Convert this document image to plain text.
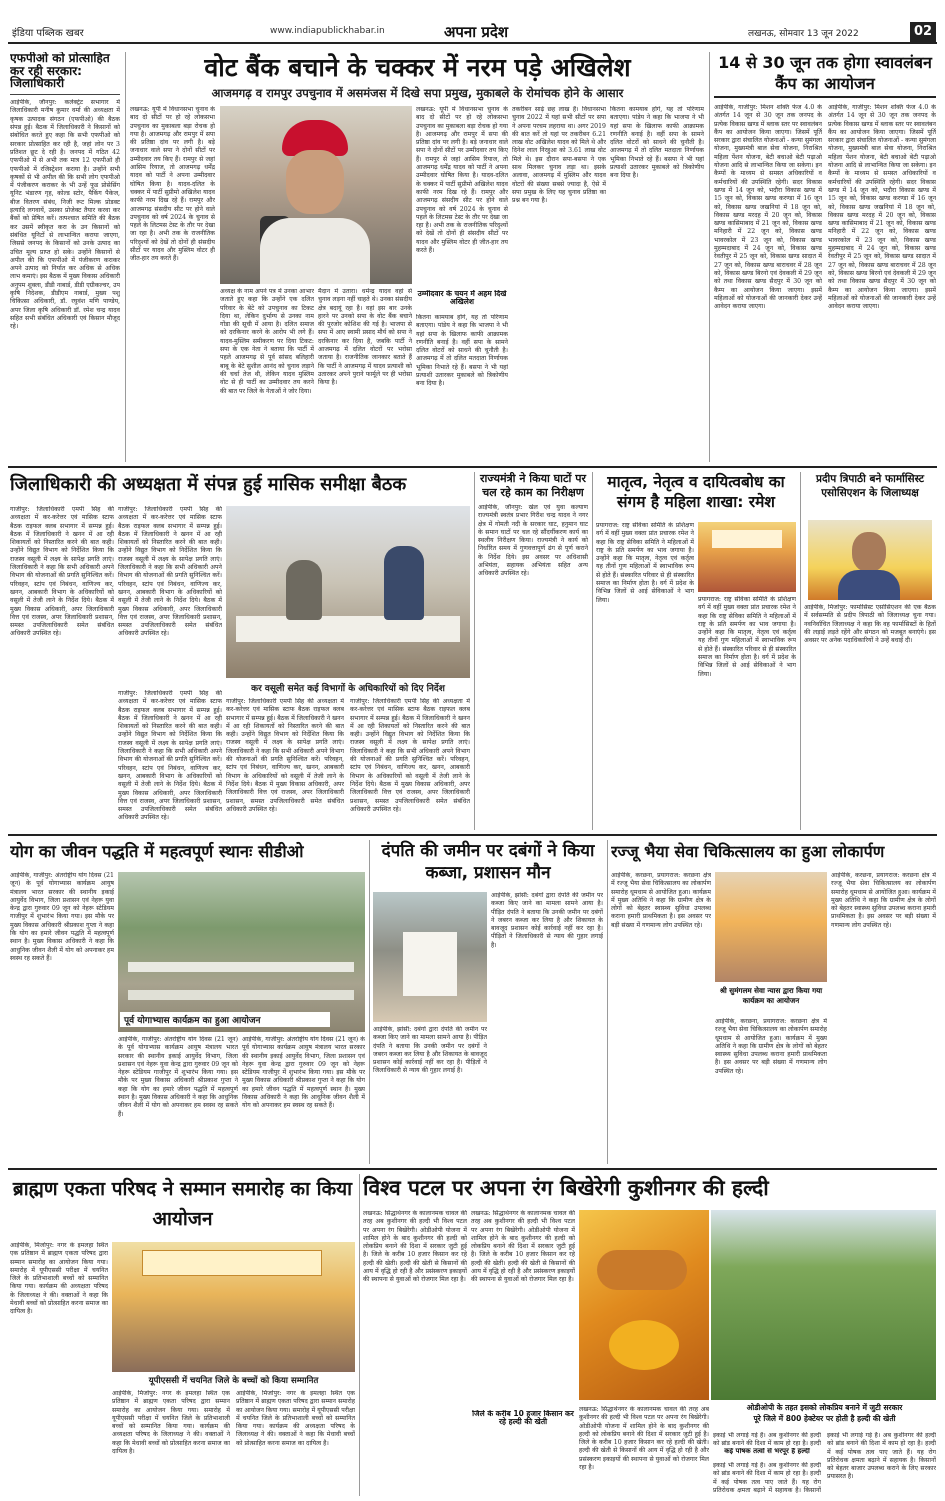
इंडिया पब्लिक खबर	www.indiapublickhabar.in	अपना प्रदेश	लखनऊ, सोमवार 13 जून 2022	02
एफपीओ को प्रोत्साहित कर रही सरकार: जिलाधिकारी
आईपीके, जौनपुर: कलेक्ट्रेट सभागार में जिलाधिकारी मनीष कुमार वर्मा की अध्यक्षता में कृषक उत्पादक संगठन (एफपीओ) की बैठक संपन्न हुई। बैठक में जिलाधिकारी ने किसानों को संबोधित करते हुए कहा कि सभी एफपीओ को सरकार प्रोत्साहित कर रही है, जहां लोन पर 3 प्रतिशत छूट दे रही है। जनपद में गठित 42 एफपीओ में से अभी तक मात्र 12 एफपीओ ही एफपीओ में रजिस्ट्रेशन कराया है। उन्होंने सभी कृषकों से भी अपील की कि सभी लोग एफपीओ में पंजीकरण कराकर के भी उन्हें फूड प्रोसेसिंग यूनिट भंडारण गृह, कोल्ड स्टोर, पैकिंग पैकेज, बीज वितरण संबंध, निजी रूट मिल्क प्रोडक्ट इत्यादि लगवायें, उसका प्रोजेक्ट तैयार करवा कर बैंकों को प्रेषित करें। तत्पश्चात समिति की बैठक कर उसमें स्वीकृत करा के उन किसानों को संबंधित यूनिटों से लाभान्वित कराया जाएगा, जिससे जनपद के किसानों को उनके उत्पाद का उचित मूल्य प्राप्त हो सके। उन्होंने किसानों से अपील की कि एफपीओ में पंजीकरण कराकर अपने उत्पाद को निर्यात कर अधिक से अधिक लाभ कमाएं। इस बैठक में मुख्य विकास अधिकारी अनुपम शुक्ला, डीडी नाबार्ड, डीडी एग्रीकल्चर, उप कृषि निदेशक, डीडीएम नाबार्ड, मुख्य पशु चिकित्सा अधिकारी, डॉ. रघुवंश मणि पाण्डेय, अपर जिला कृषि अधिकारी डॉ. रमेश चन्द्र यादव सहित सभी संबंधित अधिकारी एवं किसान मौजूद रहे।
वोट बैंक बचाने के चक्कर में नरम पड़े अखिलेश
आजमगढ़ व रामपुर उपचुनाव में असमंजस में दिखे सपा प्रमुख, मुकाबले के रोमांचक होने के आसार
लखनऊ: यूपी में विधानसभा चुनाव के बाद दो सीटों पर हो रहे लोकसभा उपचुनाव का मुकाबला बड़ा रोचक हो गया है। आजमगढ़ और रामपुर में सपा की प्रतिष्ठा दांव पर लगी है। बड़े जनाधार वाले सपा ने दोनों सीटों पर उम्मीदवार तय किए हैं। रामपुर से जहां आसिम रियाज, तो आजमगढ़ धर्मेंद्र यादव को पार्टी ने अपना उम्मीदवार घोषित किया है। यादव-दलित के चक्कर में पार्टी सुप्रीमो अखिलेश यादव काफी नरम दिख रहे हैं। रामपुर और आजमगढ़ संसदीय सीट पर होने वाले उपचुनाव को वर्ष 2024 के चुनाव से पहले के लिटमस टेस्ट के तौर पर देखा जा रहा है। अभी तक के राजनीतिक परिदृश्यों को देखें तो दोनों ही संसदीय सीटों पर यादव और मुस्लिम वोटर ही जीत-हार तय करते हैं।
अध्यक्ष के नाम अपने पत्र में उनका आभार जताते हुए कहा कि उन्होंने एक दलित परिवार के बेटे को उपचुनाव का टिकट दिया था, लेकिन दुर्भाग्य से उनका नाम गोंडा की सूची में आया है। दलित समाज को दरकिनार करने के आरोप भी लगे हैं। यादव-मुस्लिम समीकरण पर दिया टिकट: सपा के एक नेता ने बताया कि पार्टी में पहले आजमगढ़ से पूर्व सांसद बलिहारी बाबू के बेटे सुशील आनंद को चुनाव लड़ाने की चर्चा तेज थी, लेकिन यादव मुस्लिम वोट से ही पार्टी का उम्मीदवार तय करने की बात पर जिले के नेताओं ने जोर दिया।
मैदान में उतारा। धर्मेन्द्र यादव वहां से चुनाव लड़ना नहीं चाहते थे। उनका संसदीय क्षेत्र बदायूं रहा है। वहां इस बार उनके हारने पर उनको सपा के वोट बैंक बचाने की पुरजोर कोशिश की गई है। भाजपा से सपा में आए स्वामी प्रसाद मौर्य को सपा ने दरकिनार कर दिया है, जबकि पार्टी ने आजमगढ़ में दलित वोटरों पर भरोसा जताया है। राजनीतिक जानकार बताते हैं कि पार्टी ने आजमगढ़ में यादव प्रत्याशी को उतारकर अपने पुराने फार्मूले पर ही भरोसा किया है।
उम्मीदवार के चयन में अहम दिखे अखिलेश
कितना कामयाब होंगे, यह तो परिणाम बताएगा। पांडेय ने कहा कि भाजपा ने भी यहां सपा के खिलाफ काफी आक्रामक रणनीति बनाई है। वहीं सपा के सामने दलित वोटरों को साधने की चुनौती है। आजमगढ़ में तो दलित मतदाता निर्णायक भूमिका निभाते रहे हैं। बसपा ने भी यहां प्रत्याशी उतारकर मुकाबले को त्रिकोणीय बना दिया है।
लखनऊ: यूपी में विधानसभा चुनाव के बाद दो सीटों पर हो रहे लोकसभा उपचुनाव का मुकाबला बड़ा रोचक हो गया है। आजमगढ़ और रामपुर में सपा की प्रतिष्ठा दांव पर लगी है। बड़े जनाधार वाले सपा ने दोनों सीटों पर उम्मीदवार तय किए हैं। रामपुर से जहां आसिम रियाज, तो आजमगढ़ धर्मेंद्र यादव को पार्टी ने अपना उम्मीदवार घोषित किया है। यादव-दलित के चक्कर में पार्टी सुप्रीमो अखिलेश यादव काफी नरम दिख रहे हैं। रामपुर और आजमगढ़ संसदीय सीट पर होने वाले उपचुनाव को वर्ष 2024 के चुनाव से पहले के लिटमस टेस्ट के तौर पर देखा जा रहा है। अभी तक के राजनीतिक परिदृश्यों को देखें तो दोनों ही संसदीय सीटों पर यादव और मुस्लिम वोटर ही जीत-हार तय करते हैं।
तकरीबन साढ़े छह लाख है। विधानसभा चुनाव 2022 में यहां सभी सीटों पर सपा ने अपना परचम लहराया था। अगर 2019 की बात करें तो यहां पर तकरीबन 6.21 लाख वोट अखिलेश यादव को मिले थे और दिनेश लाल निरहुआ को 3.61 लाख वोट मिले थे। इस दौरान सपा-बसपा ने एक साथ मिलकर चुनाव लड़ा था। इसके अलावा, आजमगढ़ में मुस्लिम और यादव वोटरों की संख्या सबसे ज्यादा है, ऐसे में सपा प्रमुख के लिए यह चुनाव प्रतिष्ठा का प्रश्न बन गया है।
कितना कामयाब होंगे, यह तो परिणाम बताएगा। पांडेय ने कहा कि भाजपा ने भी यहां सपा के खिलाफ काफी आक्रामक रणनीति बनाई है। वहीं सपा के सामने दलित वोटरों को साधने की चुनौती है। आजमगढ़ में तो दलित मतदाता निर्णायक भूमिका निभाते रहे हैं। बसपा ने भी यहां प्रत्याशी उतारकर मुकाबले को त्रिकोणीय बना दिया है।
14 से 30 जून तक होगा स्वावलंबन कैंप का आयोजन
आईपीके, गाजीपुर: मिशन शक्ति फेज 4.0 के अंतर्गत 14 जून से 30 जून तक जनपद के प्रत्येक विकास खण्ड में ब्लाक स्तर पर स्वावलंबन कैंप का आयोजन किया जाएगा। जिसमें पूर्ति सरकार द्वारा संचालित योजनाओं - कन्या सुमंगला योजना, मुख्यमंत्री बाल सेवा योजना, निराश्रित महिला पेंशन योजना, बेटी बचाओ बेटी पढ़ाओ योजना आदि से लाभान्वित किया जा सकेगा। इन कैम्पों के माध्यम से समस्त अधिकारियों व कर्मचारियों की उपस्थिति रहेगी। सदर विकास खण्ड में 14 जून को, भदौरा विकास खण्ड में 15 जून को, विकास खण्ड करण्डा में 16 जून को, विकास खण्ड जखनियां में 18 जून को, विकास खण्ड मरदह में 20 जून को, विकास खण्ड कासिमाबाद में 21 जून को, विकास खण्ड मनिहारी में 22 जून को, विकास खण्ड भावरकोल में 23 जून को, विकास खण्ड मुहम्मदाबाद में 24 जून को, विकास खण्ड रेवतीपुर में 25 जून को, विकास खण्ड सादात में 27 जून को, विकास खण्ड बाराचवर में 28 जून को, विकास खण्ड बिरनो एवं देवकली में 29 जून को तथा विकास खण्ड सैदपुर में 30 जून को कैम्प का आयोजन किया जाएगा। इसमें महिलाओं को योजनाओं की जानकारी देकर उन्हें आवेदन कराया जाएगा।
आईपीके, गाजीपुर: मिशन शक्ति फेज 4.0 के अंतर्गत 14 जून से 30 जून तक जनपद के प्रत्येक विकास खण्ड में ब्लाक स्तर पर स्वावलंबन कैंप का आयोजन किया जाएगा। जिसमें पूर्ति सरकार द्वारा संचालित योजनाओं - कन्या सुमंगला योजना, मुख्यमंत्री बाल सेवा योजना, निराश्रित महिला पेंशन योजना, बेटी बचाओ बेटी पढ़ाओ योजना आदि से लाभान्वित किया जा सकेगा। इन कैम्पों के माध्यम से समस्त अधिकारियों व कर्मचारियों की उपस्थिति रहेगी। सदर विकास खण्ड में 14 जून को, भदौरा विकास खण्ड में 15 जून को, विकास खण्ड करण्डा में 16 जून को, विकास खण्ड जखनियां में 18 जून को, विकास खण्ड मरदह में 20 जून को, विकास खण्ड कासिमाबाद में 21 जून को, विकास खण्ड मनिहारी में 22 जून को, विकास खण्ड भावरकोल में 23 जून को, विकास खण्ड मुहम्मदाबाद में 24 जून को, विकास खण्ड रेवतीपुर में 25 जून को, विकास खण्ड सादात में 27 जून को, विकास खण्ड बाराचवर में 28 जून को, विकास खण्ड बिरनो एवं देवकली में 29 जून को तथा विकास खण्ड सैदपुर में 30 जून को कैम्प का आयोजन किया जाएगा। इसमें महिलाओं को योजनाओं की जानकारी देकर उन्हें आवेदन कराया जाएगा।
जिलाधिकारी की अध्यक्षता में संपन्न हुई मासिक समीक्षा बैठक
गाजीपुर: जिलाधिकारी एमपी सिंह की अध्यक्षता में कर-करेत्तर एवं मासिक स्टाफ बैठक राइफल क्लब सभागार में सम्पन्न हुई। बैठक में जिलाधिकारी ने खनन में आ रही शिकायतों को निस्तारित करने की बात कही। उन्होंने विद्युत विभाग को निर्देशित किया कि राजस्व वसूली में लक्ष्य के सापेक्ष प्रगति लाएं। जिलाधिकारी ने कहा कि सभी अधिकारी अपने विभाग की योजनाओं की प्रगति सुनिश्चित करें। परिवहन, स्टांप एवं निबंधन, वाणिज्य कर, खनन, आबकारी विभाग के अधिकारियों को वसूली में तेजी लाने के निर्देश दिये। बैठक में मुख्य विकास अधिकारी, अपर जिलाधिकारी वित्त एवं राजस्व, अपर जिलाधिकारी प्रशासन, समस्त उपजिलाधिकारी समेत संबंधित अधिकारी उपस्थित रहे।
गाजीपुर: जिलाधिकारी एमपी सिंह की अध्यक्षता में कर-करेत्तर एवं मासिक स्टाफ बैठक राइफल क्लब सभागार में सम्पन्न हुई। बैठक में जिलाधिकारी ने खनन में आ रही शिकायतों को निस्तारित करने की बात कही। उन्होंने विद्युत विभाग को निर्देशित किया कि राजस्व वसूली में लक्ष्य के सापेक्ष प्रगति लाएं। जिलाधिकारी ने कहा कि सभी अधिकारी अपने विभाग की योजनाओं की प्रगति सुनिश्चित करें। परिवहन, स्टांप एवं निबंधन, वाणिज्य कर, खनन, आबकारी विभाग के अधिकारियों को वसूली में तेजी लाने के निर्देश दिये। बैठक में मुख्य विकास अधिकारी, अपर जिलाधिकारी वित्त एवं राजस्व, अपर जिलाधिकारी प्रशासन, समस्त उपजिलाधिकारी समेत संबंधित अधिकारी उपस्थित रहे।
कर वसूली समेत कई विभागों के अधिकारियों को दिए निर्देश
गाजीपुर: जिलाधिकारी एमपी सिंह की अध्यक्षता में कर-करेत्तर एवं मासिक स्टाफ बैठक राइफल क्लब सभागार में सम्पन्न हुई। बैठक में जिलाधिकारी ने खनन में आ रही शिकायतों को निस्तारित करने की बात कही। उन्होंने विद्युत विभाग को निर्देशित किया कि राजस्व वसूली में लक्ष्य के सापेक्ष प्रगति लाएं। जिलाधिकारी ने कहा कि सभी अधिकारी अपने विभाग की योजनाओं की प्रगति सुनिश्चित करें। परिवहन, स्टांप एवं निबंधन, वाणिज्य कर, खनन, आबकारी विभाग के अधिकारियों को वसूली में तेजी लाने के निर्देश दिये। बैठक में मुख्य विकास अधिकारी, अपर जिलाधिकारी वित्त एवं राजस्व, अपर जिलाधिकारी प्रशासन, समस्त उपजिलाधिकारी समेत संबंधित अधिकारी उपस्थित रहे।
गाजीपुर: जिलाधिकारी एमपी सिंह की अध्यक्षता में कर-करेत्तर एवं मासिक स्टाफ बैठक राइफल क्लब सभागार में सम्पन्न हुई। बैठक में जिलाधिकारी ने खनन में आ रही शिकायतों को निस्तारित करने की बात कही। उन्होंने विद्युत विभाग को निर्देशित किया कि राजस्व वसूली में लक्ष्य के सापेक्ष प्रगति लाएं। जिलाधिकारी ने कहा कि सभी अधिकारी अपने विभाग की योजनाओं की प्रगति सुनिश्चित करें। परिवहन, स्टांप एवं निबंधन, वाणिज्य कर, खनन, आबकारी विभाग के अधिकारियों को वसूली में तेजी लाने के निर्देश दिये। बैठक में मुख्य विकास अधिकारी, अपर जिलाधिकारी वित्त एवं राजस्व, अपर जिलाधिकारी प्रशासन, समस्त उपजिलाधिकारी समेत संबंधित अधिकारी उपस्थित रहे।
गाजीपुर: जिलाधिकारी एमपी सिंह की अध्यक्षता में कर-करेत्तर एवं मासिक स्टाफ बैठक राइफल क्लब सभागार में सम्पन्न हुई। बैठक में जिलाधिकारी ने खनन में आ रही शिकायतों को निस्तारित करने की बात कही। उन्होंने विद्युत विभाग को निर्देशित किया कि राजस्व वसूली में लक्ष्य के सापेक्ष प्रगति लाएं। जिलाधिकारी ने कहा कि सभी अधिकारी अपने विभाग की योजनाओं की प्रगति सुनिश्चित करें। परिवहन, स्टांप एवं निबंधन, वाणिज्य कर, खनन, आबकारी विभाग के अधिकारियों को वसूली में तेजी लाने के निर्देश दिये। बैठक में मुख्य विकास अधिकारी, अपर जिलाधिकारी वित्त एवं राजस्व, अपर जिलाधिकारी प्रशासन, समस्त उपजिलाधिकारी समेत संबंधित अधिकारी उपस्थित रहे।
राज्यमंत्री ने किया घाटों पर चल रहे काम का निरीक्षण
आईपीके, जौनपुर: खेल एवं युवा कल्याण राज्यमंत्री स्वतंत्र प्रभार गिरीश चन्द्र यादव ने नगर क्षेत्र में गोमती नदी के सरकार घाट, हनुमान घाट के समान घाटों पर चल रहे सौंदर्यीकरण कार्य का स्थलीय निरीक्षण किया। राज्यमंत्री ने कार्य को निर्धारित समय में गुणवत्तापूर्ण ढंग से पूर्ण कराने के निर्देश दिये। इस अवसर पर अधिशासी अभियंता, सहायक अभियंता सहित अन्य अधिकारी उपस्थित रहे।
मातृत्व, नेतृत्व व दायित्वबोध का संगम है महिला शाखा: रमेश
प्रयागराज: राष्ट्र सेविका समिति के प्रशिक्षण वर्ग में वहीं मुख्य वक्ता प्रांत प्रचारक रमेश ने कहा कि राष्ट्र सेविका समिति ने महिलाओं में राष्ट्र के प्रति समर्पण का भाव जगाया है। उन्होंने कहा कि मातृत्व, नेतृत्व एवं कर्तृत्व यह तीनों गुण महिलाओं में स्वाभाविक रूप से होते हैं। संस्कारित परिवार से ही संस्कारित समाज का निर्माण होता है। वर्ग में प्रदेश के विभिन्न जिलों से आई सेविकाओं ने भाग लिया।	प्रयागराज: राष्ट्र सेविका समिति के प्रशिक्षण वर्ग में वहीं मुख्य वक्ता प्रांत प्रचारक रमेश ने कहा कि राष्ट्र सेविका समिति ने महिलाओं में राष्ट्र के प्रति समर्पण का भाव जगाया है। उन्होंने कहा कि मातृत्व, नेतृत्व एवं कर्तृत्व यह तीनों गुण महिलाओं में स्वाभाविक रूप से होते हैं। संस्कारित परिवार से ही संस्कारित समाज का निर्माण होता है। वर्ग में प्रदेश के विभिन्न जिलों से आई सेविकाओं ने भाग लिया।
प्रदीप त्रिपाठी बने फार्मासिस्ट एसोसिएशन के जिलाध्यक्ष
आईपीके, मिर्जापुर: फार्मासिस्ट एसोसिएशन की एक बैठक में सर्वसम्मति से प्रदीप त्रिपाठी को जिलाध्यक्ष चुना गया। नवनिर्वाचित जिलाध्यक्ष ने कहा कि वह फार्मासिस्टों के हितों की लड़ाई लड़ते रहेंगे और संगठन को मजबूत बनाएंगे। इस अवसर पर अनेक पदाधिकारियों ने उन्हें बधाई दी।
योग का जीवन पद्धति में महत्वपूर्ण स्थानः सीडीओ
आईपीके, गाजीपुर: अंतर्राष्ट्रीय योग दिवस (21 जून) के पूर्व योगाभ्यास कार्यक्रम आयुष मंत्रालय भारत सरकार की स्थानीय इकाई आयुर्वेद विभाग, जिला प्रशासन एवं नेहरू युवा केन्द्र द्वारा गुरुवार 09 जून को नेहरू स्टेडियम गाजीपुर में शुभारंभ किया गया। इस मौके पर मुख्य विकास अधिकारी श्रीप्रकाश गुप्ता ने कहा कि योग का हमारे जीवन पद्धति में महत्वपूर्ण स्थान है। मुख्य विकास अधिकारी ने कहा कि आधुनिक जीवन शैली में योग को अपनाकर हम स्वस्थ रह सकते हैं।
पूर्व योगाभ्यास कार्यक्रम का हुआ आयोजन
आईपीके, गाजीपुर: अंतर्राष्ट्रीय योग दिवस (21 जून) के पूर्व योगाभ्यास कार्यक्रम आयुष मंत्रालय भारत सरकार की स्थानीय इकाई आयुर्वेद विभाग, जिला प्रशासन एवं नेहरू युवा केन्द्र द्वारा गुरुवार 09 जून को नेहरू स्टेडियम गाजीपुर में शुभारंभ किया गया। इस मौके पर मुख्य विकास अधिकारी श्रीप्रकाश गुप्ता ने कहा कि योग का हमारे जीवन पद्धति में महत्वपूर्ण स्थान है। मुख्य विकास अधिकारी ने कहा कि आधुनिक जीवन शैली में योग को अपनाकर हम स्वस्थ रह सकते हैं।
आईपीके, गाजीपुर: अंतर्राष्ट्रीय योग दिवस (21 जून) के पूर्व योगाभ्यास कार्यक्रम आयुष मंत्रालय भारत सरकार की स्थानीय इकाई आयुर्वेद विभाग, जिला प्रशासन एवं नेहरू युवा केन्द्र द्वारा गुरुवार 09 जून को नेहरू स्टेडियम गाजीपुर में शुभारंभ किया गया। इस मौके पर मुख्य विकास अधिकारी श्रीप्रकाश गुप्ता ने कहा कि योग का हमारे जीवन पद्धति में महत्वपूर्ण स्थान है। मुख्य विकास अधिकारी ने कहा कि आधुनिक जीवन शैली में योग को अपनाकर हम स्वस्थ रह सकते हैं।
दंपति की जमीन पर दबंगों ने किया कब्जा, प्रशासन मौन
आईपीके, झांसी: दबंगों द्वारा दंपति की जमीन पर कब्जा किए जाने का मामला सामने आया है। पीड़ित दंपति ने बताया कि उनकी जमीन पर दबंगों ने जबरन कब्जा कर लिया है और शिकायत के बावजूद प्रशासन कोई कार्रवाई नहीं कर रहा है। पीड़ितों ने जिलाधिकारी से न्याय की गुहार लगाई है।
आईपीके, झांसी: दबंगों द्वारा दंपति की जमीन पर कब्जा किए जाने का मामला सामने आया है। पीड़ित दंपति ने बताया कि उनकी जमीन पर दबंगों ने जबरन कब्जा कर लिया है और शिकायत के बावजूद प्रशासन कोई कार्रवाई नहीं कर रहा है। पीड़ितों ने जिलाधिकारी से न्याय की गुहार लगाई है।
रज्जू भैया सेवा चिकित्सालय का हुआ लोकार्पण
आईपीके, करछना, प्रयागराज: करछना क्षेत्र में रज्जू भैया सेवा चिकित्सालय का लोकार्पण समारोह धूमधाम से आयोजित हुआ। कार्यक्रम में मुख्य अतिथि ने कहा कि ग्रामीण क्षेत्र के लोगों को बेहतर स्वास्थ्य सुविधा उपलब्ध कराना हमारी प्राथमिकता है। इस अवसर पर बड़ी संख्या में गणमान्य लोग उपस्थित रहे।
श्री सुमंगलम सेवा न्यास द्वारा किया गया कार्यक्रम का आयोजन
आईपीके, करछना, प्रयागराज: करछना क्षेत्र में रज्जू भैया सेवा चिकित्सालय का लोकार्पण समारोह धूमधाम से आयोजित हुआ। कार्यक्रम में मुख्य अतिथि ने कहा कि ग्रामीण क्षेत्र के लोगों को बेहतर स्वास्थ्य सुविधा उपलब्ध कराना हमारी प्राथमिकता है। इस अवसर पर बड़ी संख्या में गणमान्य लोग उपस्थित रहे।
आईपीके, करछना, प्रयागराज: करछना क्षेत्र में रज्जू भैया सेवा चिकित्सालय का लोकार्पण समारोह धूमधाम से आयोजित हुआ। कार्यक्रम में मुख्य अतिथि ने कहा कि ग्रामीण क्षेत्र के लोगों को बेहतर स्वास्थ्य सुविधा उपलब्ध कराना हमारी प्राथमिकता है। इस अवसर पर बड़ी संख्या में गणमान्य लोग उपस्थित रहे।
ब्राह्मण एकता परिषद ने सम्मान समारोह का किया आयोजन
आईपीके, मिर्जापुर: नगर के इमलहा स्थित एक प्रतिष्ठान में ब्राह्मण एकता परिषद द्वारा सम्मान समारोह का आयोजन किया गया। समारोह में यूपीएससी परीक्षा में चयनित जिले के प्रतिभाशाली बच्चों को सम्मानित किया गया। कार्यक्रम की अध्यक्षता परिषद के जिलाध्यक्ष ने की। वक्ताओं ने कहा कि मेधावी बच्चों को प्रोत्साहित करना समाज का दायित्व है।
यूपीएससी में चयनित जिले के बच्चों को किया सम्मानित
आईपीके, मिर्जापुर: नगर के इमलहा स्थित एक प्रतिष्ठान में ब्राह्मण एकता परिषद द्वारा सम्मान समारोह का आयोजन किया गया। समारोह में यूपीएससी परीक्षा में चयनित जिले के प्रतिभाशाली बच्चों को सम्मानित किया गया। कार्यक्रम की अध्यक्षता परिषद के जिलाध्यक्ष ने की। वक्ताओं ने कहा कि मेधावी बच्चों को प्रोत्साहित करना समाज का दायित्व है।
आईपीके, मिर्जापुर: नगर के इमलहा स्थित एक प्रतिष्ठान में ब्राह्मण एकता परिषद द्वारा सम्मान समारोह का आयोजन किया गया। समारोह में यूपीएससी परीक्षा में चयनित जिले के प्रतिभाशाली बच्चों को सम्मानित किया गया। कार्यक्रम की अध्यक्षता परिषद के जिलाध्यक्ष ने की। वक्ताओं ने कहा कि मेधावी बच्चों को प्रोत्साहित करना समाज का दायित्व है।
विश्व पटल पर अपना रंग बिखेरेगी कुशीनगर की हल्दी
लखनऊ: सिद्धार्थनगर के कालानमक चावल की तरह अब कुशीनगर की हल्दी भी विश्व पटल पर अपना रंग बिखेरेगी। ओडीओपी योजना में शामिल होने के बाद कुशीनगर की हल्दी को लोकप्रिय बनाने की दिशा में सरकार जुटी हुई है। जिले के करीब 10 हजार किसान कर रहे हल्दी की खेती। हल्दी की खेती से किसानों की आय में वृद्धि हो रही है और प्रसंस्करण इकाइयों की स्थापना से युवाओं को रोजगार मिल रहा है।
जिले के करीब 10 हजार किसान कर रहे हल्दी की खेती
लखनऊ: सिद्धार्थनगर के कालानमक चावल की तरह अब कुशीनगर की हल्दी भी विश्व पटल पर अपना रंग बिखेरेगी। ओडीओपी योजना में शामिल होने के बाद कुशीनगर की हल्दी को लोकप्रिय बनाने की दिशा में सरकार जुटी हुई है। जिले के करीब 10 हजार किसान कर रहे हल्दी की खेती। हल्दी की खेती से किसानों की आय में वृद्धि हो रही है और प्रसंस्करण इकाइयों की स्थापना से युवाओं को रोजगार मिल रहा है।
ओडीओपी के तहत इसको लोकप्रिय बनाने में जुटी सरकार
पूरे जिले में 800 हेक्टेयर पर होती है हल्दी की खेती
लखनऊ: सिद्धार्थनगर के कालानमक चावल की तरह अब कुशीनगर की हल्दी भी विश्व पटल पर अपना रंग बिखेरेगी। ओडीओपी योजना में शामिल होने के बाद कुशीनगर की हल्दी को लोकप्रिय बनाने की दिशा में सरकार जुटी हुई है। जिले के करीब 10 हजार किसान कर रहे हल्दी की खेती। हल्दी की खेती से किसानों की आय में वृद्धि हो रही है और प्रसंस्करण इकाइयों की स्थापना से युवाओं को रोजगार मिल रहा है।
इकाई भी लगाई गई है। अब कुशीनगर की हल्दी को ब्रांड बनाने की दिशा में काम हो रहा है। हल्दी
कई पोषक तत्वों से भरपूर है हल्दी
इकाई भी लगाई गई है। अब कुशीनगर की हल्दी को ब्रांड बनाने की दिशा में काम हो रहा है। हल्दी में कई पोषक तत्व पाए जाते हैं। यह रोग प्रतिरोधक क्षमता बढ़ाने में सहायक है। किसानों
इकाई भी लगाई गई है। अब कुशीनगर की हल्दी को ब्रांड बनाने की दिशा में काम हो रहा है। हल्दी में कई पोषक तत्व पाए जाते हैं। यह रोग प्रतिरोधक क्षमता बढ़ाने में सहायक है। किसानों को बेहतर बाजार उपलब्ध कराने के लिए सरकार प्रयासरत है।
